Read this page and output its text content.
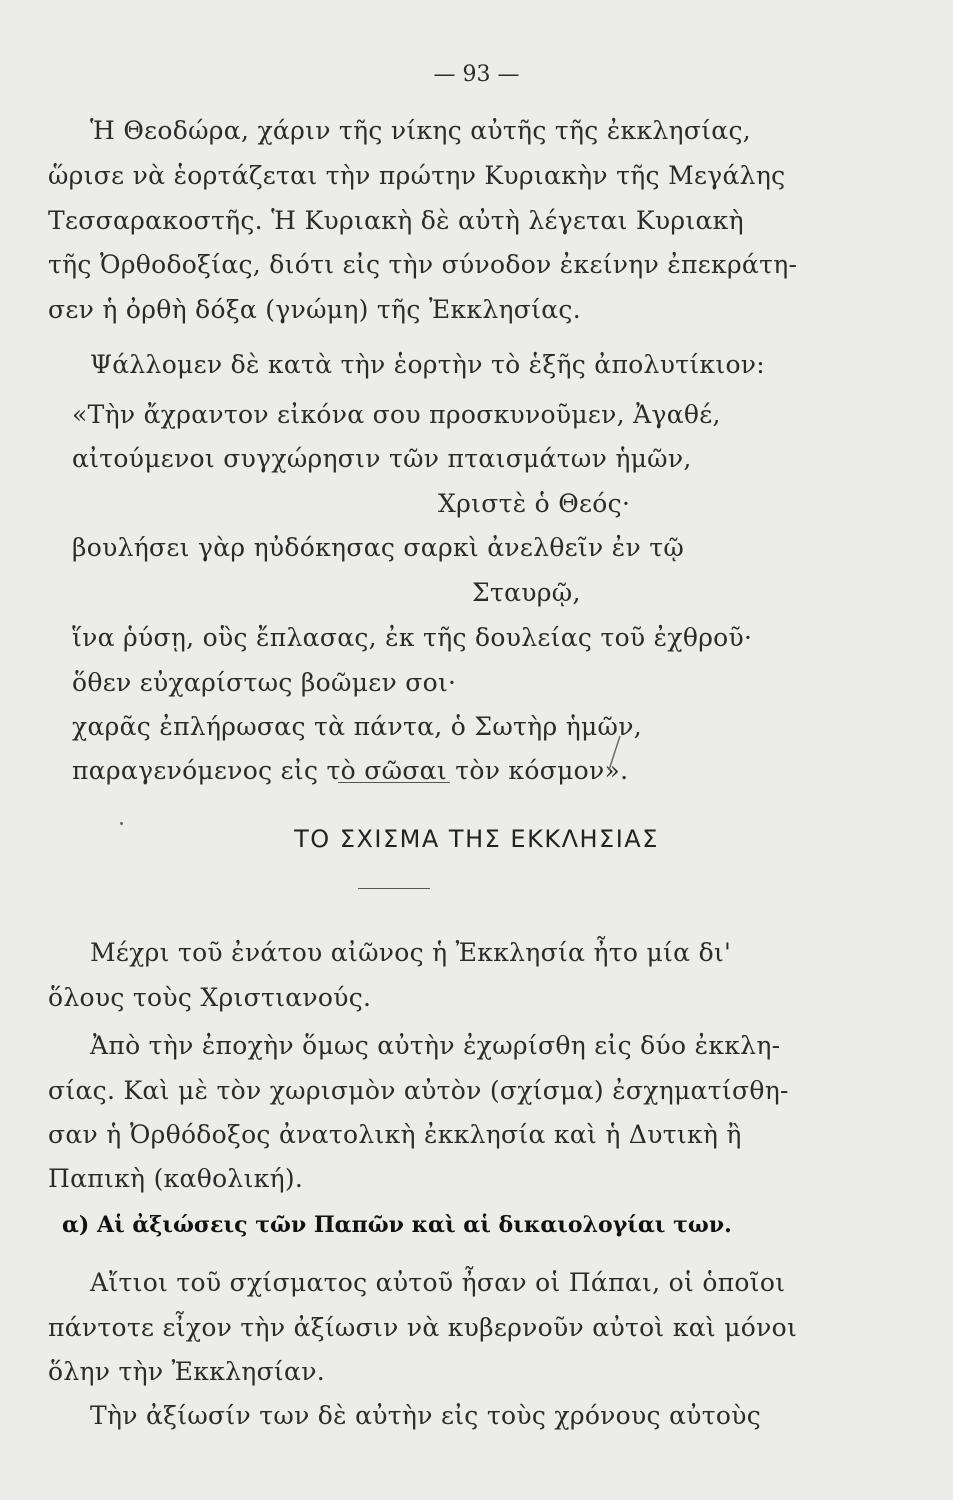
— 93 —
Ἡ Θεοδώρα, χάριν τῆς νίκης αὐτῆς τῆς ἐκκλησίας,
ὥρισε νὰ ἑορτάζεται τὴν πρώτην Κυριακὴν τῆς Μεγάλης
Τεσσαρακοστῆς. Ἡ Κυριακὴ δὲ αὐτὴ λέγεται Κυριακὴ
τῆς Ὀρθοδοξίας, διότι εἰς τὴν σύνοδον ἐκείνην ἐπεκράτη-
σεν ἡ ὀρθὴ δόξα (γνώμη) τῆς Ἐκκλησίας.
Ψάλλομεν δὲ κατὰ τὴν ἑορτὴν τὸ ἑξῆς ἀπολυτίκιον:
«Τὴν ἄχραντον εἰκόνα σου προσκυνοῦμεν, Ἀγαθέ,
αἰτούμενοι συγχώρησιν τῶν πταισμάτων ἡμῶν,
Χριστὲ ὁ Θεός·
βουλήσει γὰρ ηὐδόκησας σαρκὶ ἀνελθεῖν ἐν τῷ
Σταυρῷ,
ἵνα ῥύσῃ, οὓς ἔπλασας, ἐκ τῆς δουλείας τοῦ ἐχθροῦ·
ὅθεν εὐχαρίστως βοῶμεν σοι·
χαρᾶς ἐπλήρωσας τὰ πάντα, ὁ Σωτὴρ ἡμῶν,
παραγενόμενος εἰς τὸ σῶσαι τὸν κόσμον».
ΤΟ ΣΧΙΣΜΑ ΤΗΣ ΕΚΚΛΗΣΙΑΣ
Μέχρι τοῦ ἐνάτου αἰῶνος ἡ Ἐκκλησία ἦτο μία δι'
ὅλους τοὺς Χριστιανούς.
Ἀπὸ τὴν ἐποχὴν ὅμως αὐτὴν ἐχωρίσθη εἰς δύο ἐκκλη-
σίας. Καὶ μὲ τὸν χωρισμὸν αὐτὸν (σχίσμα) ἐσχηματίσθη-
σαν ἡ Ὀρθόδοξος ἀνατολικὴ ἐκκλησία καὶ ἡ Δυτικὴ ἢ
Παπικὴ (καθολική).
α) Αἱ ἀξιώσεις τῶν Παπῶν καὶ αἱ δικαιολογίαι των.
Αἴτιοι τοῦ σχίσματος αὐτοῦ ἦσαν οἱ Πάπαι, οἱ ὁποῖοι
πάντοτε εἶχον τὴν ἀξίωσιν νὰ κυβερνοῦν αὐτοὶ καὶ μόνοι
ὅλην τὴν Ἐκκλησίαν.
Τὴν ἀξίωσίν των δὲ αὐτὴν εἰς τοὺς χρόνους αὐτοὺς
